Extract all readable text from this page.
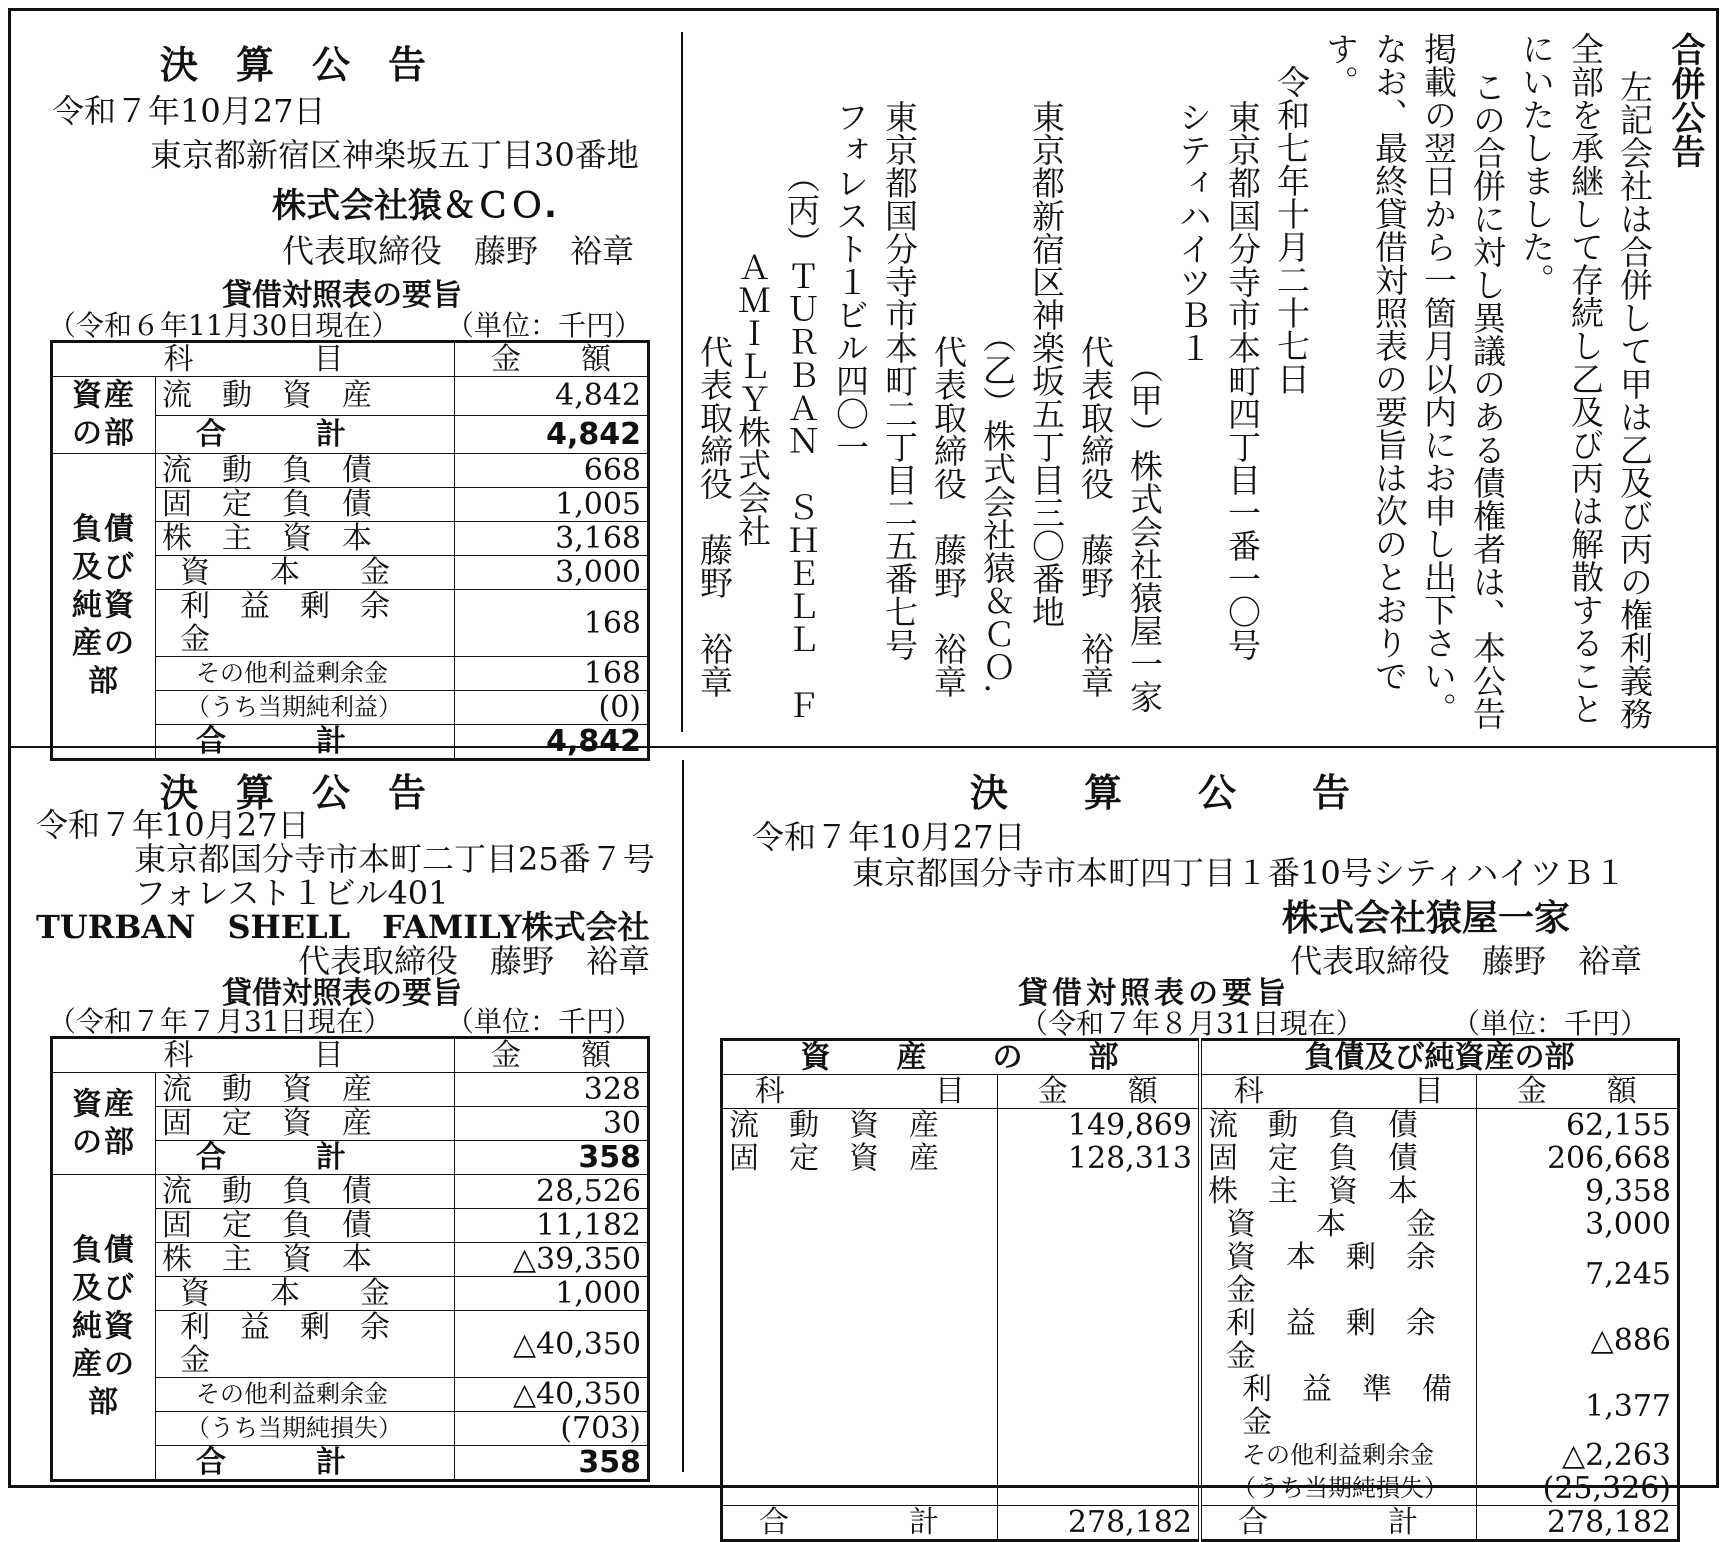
決　算　公　告
令和７年10月27日
東京都新宿区神楽坂五丁目30番地
株式会社猿＆ＣＯ.
代表取締役　藤野　裕章
貸借対照表の要旨
（令和６年11月30日現在） （単位：千円）
科　　　　目		金　　額
資産の部	流　動　資　産	4,842
	合　　　計	4,842
負債及び純資産の部	流　動　負　債	668
	固　定　負　債	1,005
	株　主　資　本	3,168
	資　　本　　金	3,000
	利　益　剰　余　金	168
	その他利益剰余金	168
	（うち当期純利益）	(0)
	合　　　計	4,842
合併公告
左記会社は合併して甲は乙及び丙の権利義務
全部を承継して存続し乙及び丙は解散すること
にいたしました。
この合併に対し異議のある債権者は、本公告
掲載の翌日から一箇月以内にお申し出下さい。
なお、最終貸借対照表の要旨は次のとおりで
す。
令和七年十月二十七日
東京都国分寺市本町四丁目一番一〇号
シティハイツＢ１
（甲）株式会社猿屋一家
代表取締役　藤野　裕章
東京都新宿区神楽坂五丁目三〇番地
（乙）株式会社猿＆ＣＯ.
代表取締役　藤野　裕章
東京都国分寺市本町二丁目二五番七号
フォレスト１ビル四〇一
（丙）ＴＵＲＢＡＮ　ＳＨＥＬＬ　Ｆ
ＡＭＩＬＹ株式会社
代表取締役　藤野　裕章
決　算　公　告
令和７年10月27日
東京都国分寺市本町二丁目25番７号
フォレスト１ビル401
TURBAN　SHELL　FAMILY株式会社
代表取締役　藤野　裕章
貸借対照表の要旨
（令和７年７月31日現在） （単位：千円）
科　　　　目		金　　額
資産の部	流　動　資　産	328
	固　定　資　産	30
	合　　　計	358
負債及び純資産の部	流　動　負　債	28,526
	固　定　負　債	11,182
	株　主　資　本	△39,350
	資　　本　　金	1,000
	利　益　剰　余　金	△40,350
	その他利益剰余金	△40,350
	（うち当期純損失）	(703)
	合　　　計	358
決　　算　　公　　告
令和７年10月27日
東京都国分寺市本町四丁目１番10号シティハイツＢ１
株式会社猿屋一家
代表取締役　藤野　裕章
貸借対照表の要旨
（令和７年８月31日現在）	（単位：千円）
資　　産　　の　　部		負債及び純資産の部	
科　　　　　目	金　　額	科　　　　　目	金　　額
流　動　資　産	149,869	流　動　負　債	62,155
固　定　資　産	128,313	固　定　負　債	206,668
		株　主　資　本	9,358
		資　　本　　金	3,000
		資　本　剰　余　金	7,245
		利　益　剰　余　金	△886
		利　益　準　備　金	1,377
		その他利益剰余金	△2,263
		（うち当期純損失）	(25,326)
合　　　　計	278,182	合　　　　計	278,182
